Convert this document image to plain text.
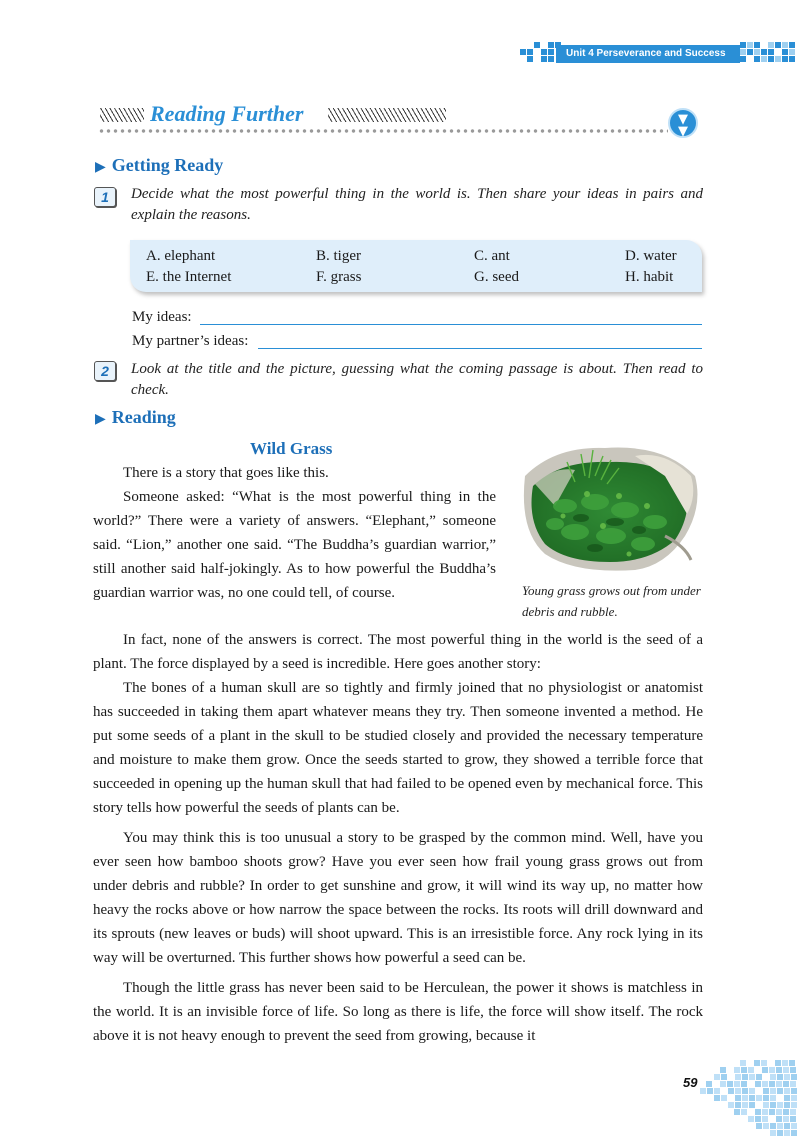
Unit 4 Perseverance and Success
Reading Further	▼
▼
▶ Getting Ready
1	Decide what the most powerful thing in the world is. Then share your ideas in pairs and explain the reasons.
A. elephant	B. tiger	C. ant	D. water
E. the Internet	F. grass	G. seed	H. habit
My ideas:
My partner’s ideas:
2	Look at the title and the picture, guessing what the coming passage is about. Then read to check.
▶ Reading
Wild Grass
Young grass grows out from under debris and rubble.

There is a story that goes like this.

Someone asked: “What is the most powerful thing in the world?” There were a variety of answers. “Elephant,” someone said. “Lion,” another one said. “The Buddha’s guardian warrior,” still another said half-jokingly. As to how powerful the Buddha’s guardian warrior was, no one could tell, of course.

In fact, none of the answers is correct. The most powerful thing in the world is the seed of a plant. The force displayed by a seed is incredible. Here goes another story:

The bones of a human skull are so tightly and firmly joined that no physiologist or anatomist has succeeded in taking them apart whatever means they try. Then someone invented a method. He put some seeds of a plant in the skull to be studied closely and provided the necessary temperature and moisture to make them grow. Once the seeds started to grow, they showed a terrible force that succeeded in opening up the human skull that had failed to be opened even by mechanical force. This story tells how powerful the seeds of plants can be.

You may think this is too unusual a story to be grasped by the common mind. Well, have you ever seen how bamboo shoots grow? Have you ever seen how frail young grass grows out from under debris and rubble? In order to get sunshine and grow, it will wind its way up, no matter how heavy the rocks above or how narrow the space between the rocks. Its roots will drill downward and its sprouts (new leaves or buds) will shoot upward. This is an irresistible force. Any rock lying in its way will be overturned. This further shows how powerful a seed can be.

Though the little grass has never been said to be Herculean, the power it shows is matchless in the world. It is an invisible force of life. So long as there is life, the force will show itself. The rock above it is not heavy enough to prevent the seed from growing, because it

59
